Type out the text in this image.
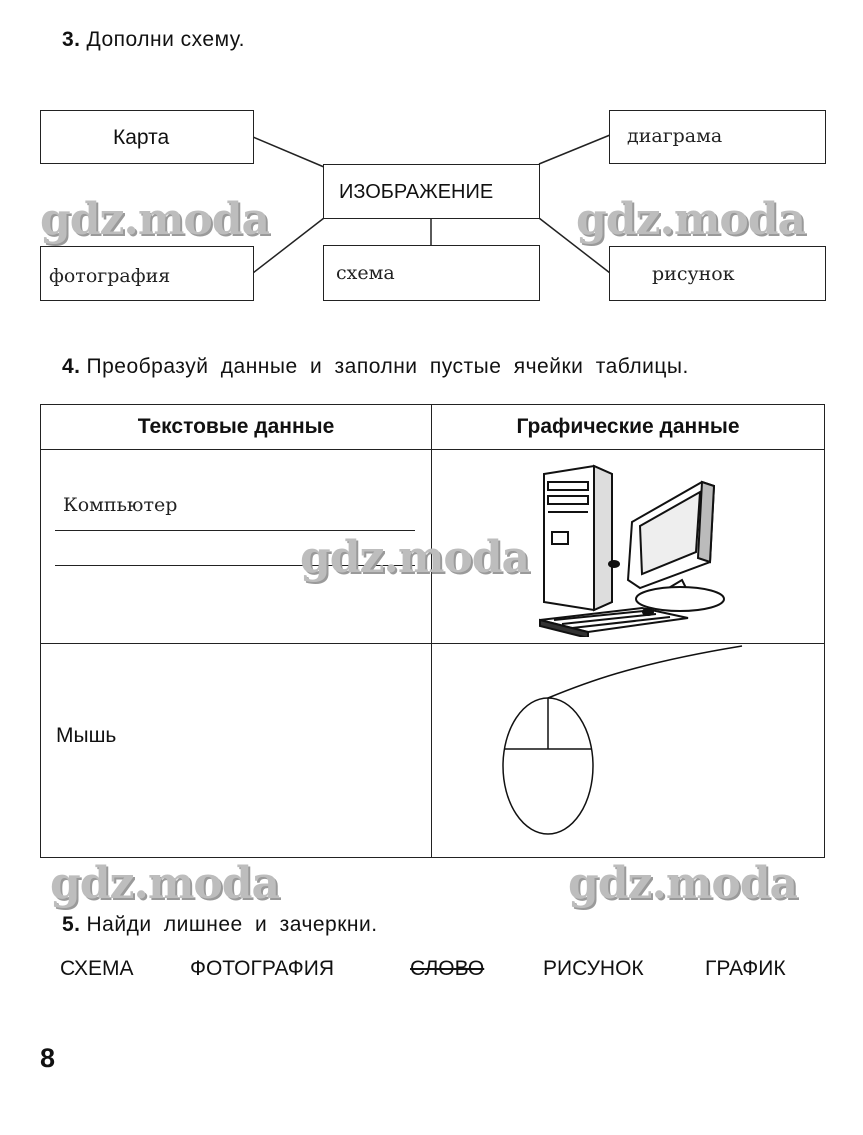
3. Дополни схему.
Карта
фотография
ИЗОБРАЖЕНИЕ
схема
диаграма
рисунок
4. Преобразуй данные и заполни пустые ячейки таблицы.
Текстовые данные	Графические данные

Компьютер

Мышь

5. Найди лишнее и зачеркни.
СХЕМА	ФОТОГРАФИЯ	СЛОВО	РИСУНОК	ГРАФИК
8
gdz.moda	gdz.moda
gdz.moda
gdz.moda	gdz.moda
